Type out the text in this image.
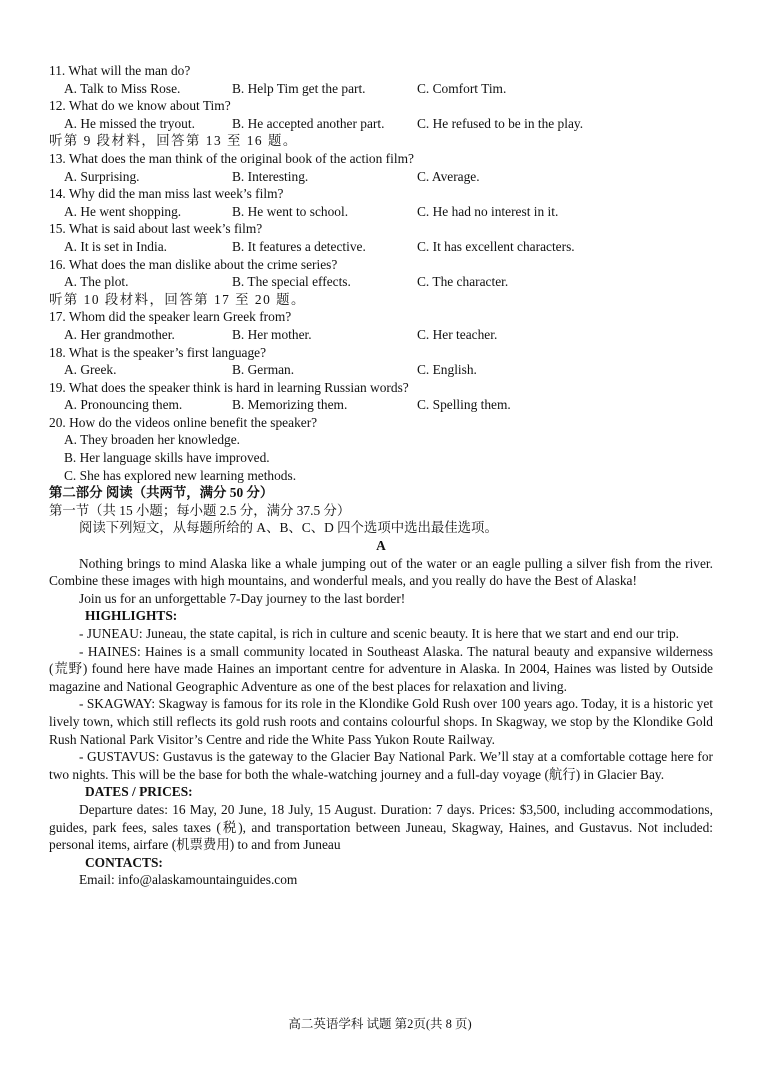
11. What will the man do?
A. Talk to Miss Rose.	B. Help Tim get the part.	C. Comfort Tim.
12. What do we know about Tim?
A. He missed the tryout.	B. He accepted another part.	C. He refused to be in the play.
听第 9 段材料，回答第 13 至 16 题。
13. What does the man think of the original book of the action film?
A. Surprising.	B. Interesting.	C. Average.
14. Why did the man miss last week’s film?
A. He went shopping.	B. He went to school.	C. He had no interest in it.
15. What is said about last week’s film?
A. It is set in India.	B. It features a detective.	C. It has excellent characters.
16. What does the man dislike about the crime series?
A. The plot.	B. The special effects.	C. The character.
听第 10 段材料，回答第 17 至 20 题。
17. Whom did the speaker learn Greek from?
A. Her grandmother.	B. Her mother.	C. Her teacher.
18. What is the speaker’s first language?
A. Greek.	B. German.	C. English.
19. What does the speaker think is hard in learning Russian words?
A. Pronouncing them.	B. Memorizing them.	C. Spelling them.
20. How do the videos online benefit the speaker?
A. They broaden her knowledge.
B. Her language skills have improved.
C. She has explored new learning methods.
第二部分 阅读（共两节，满分 50 分）
第一节（共 15 小题；每小题 2.5 分，满分 37.5 分）
阅读下列短文，从每题所给的 A、B、C、D 四个选项中选出最佳选项。
A
Nothing brings to mind Alaska like a whale jumping out of the water or an eagle pulling a silver fish from the river. Combine these images with high mountains, and wonderful meals, and you really do have the Best of Alaska!
Join us for an unforgettable 7-Day journey to the last border!
HIGHLIGHTS:
- JUNEAU: Juneau, the state capital, is rich in culture and scenic beauty. It is here that we start and end our trip.
- HAINES: Haines is a small community located in Southeast Alaska. The natural beauty and expansive wilderness (荒野) found here have made Haines an important centre for adventure in Alaska. In 2004, Haines was listed by Outside magazine and National Geographic Adventure as one of the best places for relaxation and living.
- SKAGWAY: Skagway is famous for its role in the Klondike Gold Rush over 100 years ago. Today, it is a historic yet lively town, which still reflects its gold rush roots and contains colourful shops. In Skagway, we stop by the Klondike Gold Rush National Park Visitor’s Centre and ride the White Pass Yukon Route Railway.
- GUSTAVUS: Gustavus is the gateway to the Glacier Bay National Park. We’ll stay at a comfortable cottage here for two nights. This will be the base for both the whale-watching journey and a full-day voyage (航行) in Glacier Bay.
DATES / PRICES:
Departure dates: 16 May, 20 June, 18 July, 15 August. Duration: 7 days. Prices: $3,500, including accommodations, guides, park fees, sales taxes (税), and transportation between Juneau, Skagway, Haines, and Gustavus. Not included: personal items, airfare (机票费用) to and from Juneau
CONTACTS:
Email: info@alaskamountainguides.com
高二英语学科 试题 第2页(共 8 页)
